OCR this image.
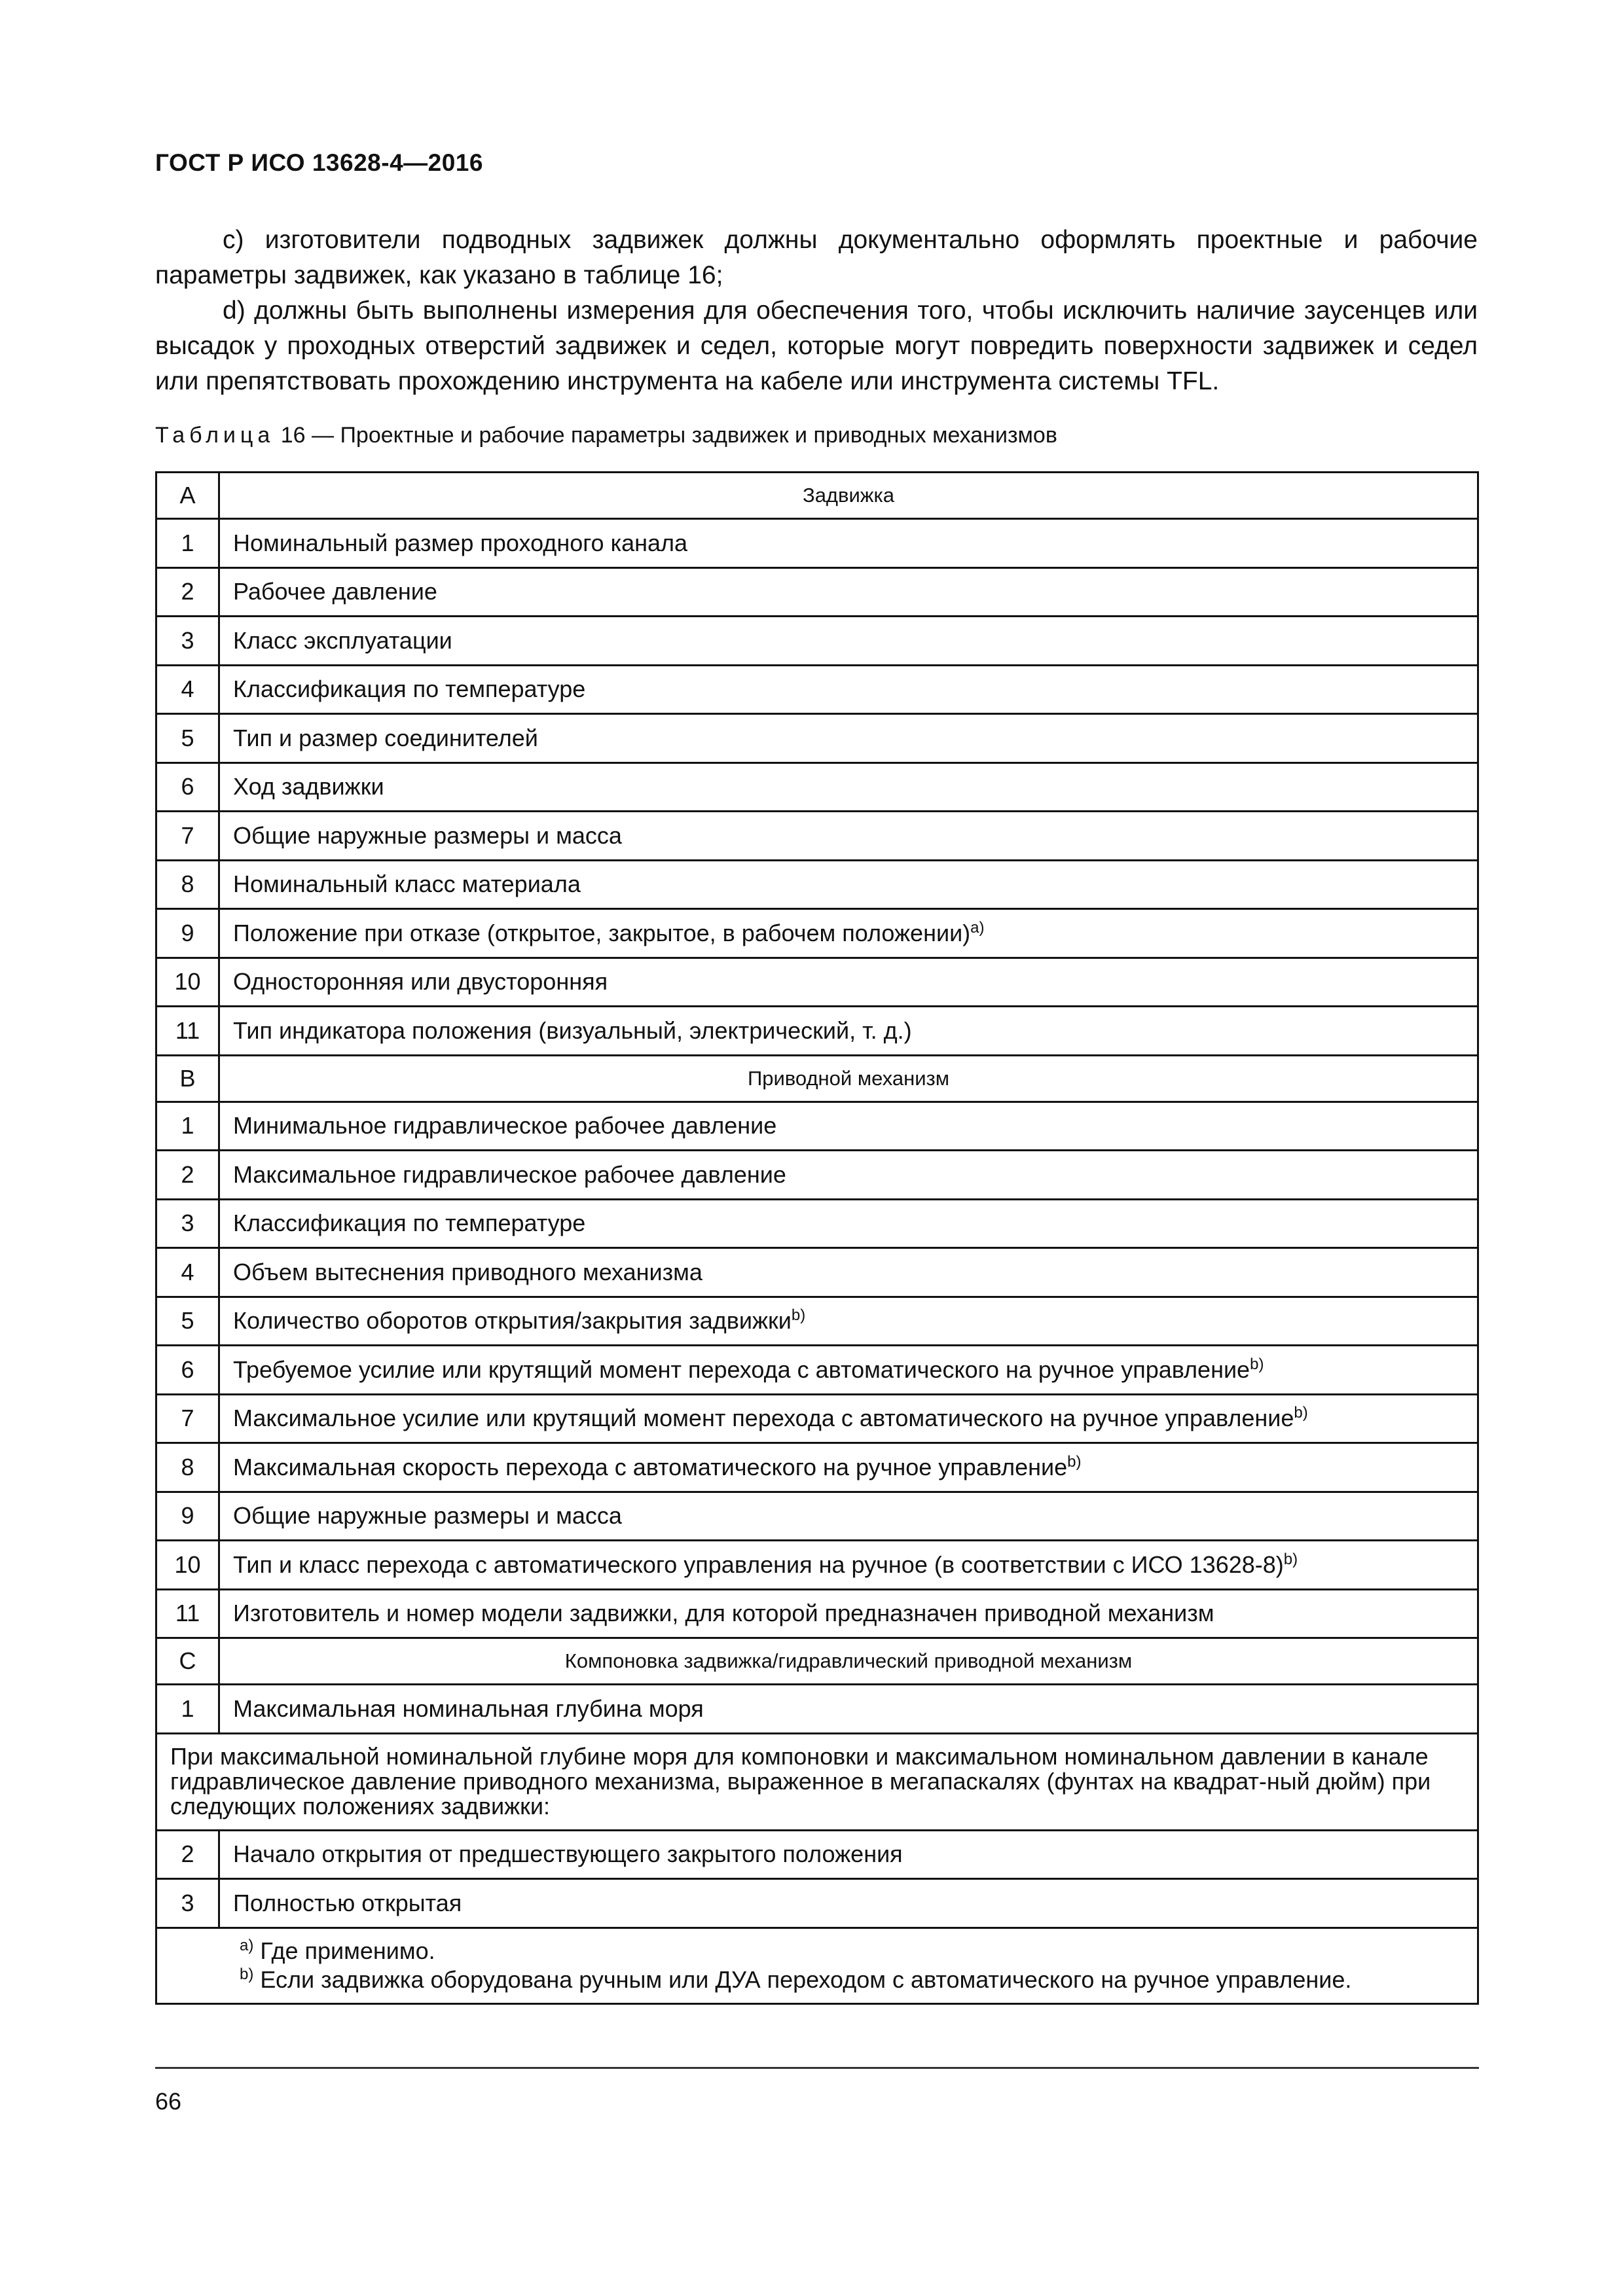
ГОСТ Р ИСО 13628-4—2016

с) изготовители подводных задвижек должны документально оформлять проектные и рабочие параметры задвижек, как указано в таблице 16;

d) должны быть выполнены измерения для обеспечения того, чтобы исключить наличие заусенцев или высадок у проходных отверстий задвижек и седел, которые могут повредить поверхности задвижек и седел или препятствовать прохождению инструмента на кабеле или инструмента системы TFL.

Таблица 16 — Проектные и рабочие параметры задвижек и приводных механизмов
А	Задвижка
1	Номинальный размер проходного канала
2	Рабочее давление
3	Класс эксплуатации
4	Классификация по температуре
5	Тип и размер соединителей
6	Ход задвижки
7	Общие наружные размеры и масса
8	Номинальный класс материала
9	Положение при отказе (открытое, закрытое, в рабочем положении)$^{a)}$
10	Односторонняя или двусторонняя
11	Тип индикатора положения (визуальный, электрический, т. д.)
В	Приводной механизм
1	Минимальное гидравлическое рабочее давление
2	Максимальное гидравлическое рабочее давление
3	Классификация по температуре
4	Объем вытеснения приводного механизма
5	Количество оборотов открытия/закрытия задвижки$^{b)}$
6	Требуемое усилие или крутящий момент перехода с автоматического на ручное управление$^{b)}$
7	Максимальное усилие или крутящий момент перехода с автоматического на ручное управление$^{b)}$
8	Максимальная скорость перехода с автоматического на ручное управление$^{b)}$
9	Общие наружные размеры и масса
10	Тип и класс перехода с автоматического управления на ручное (в соответствии с ИСО 13628-8)$^{b)}$
11	Изготовитель и номер модели задвижки, для которой предназначен приводной механизм
С	Компоновка задвижка/гидравлический приводной механизм
1	Максимальная номинальная глубина моря
При максимальной номинальной глубине моря для компоновки и максимальном номинальном давлении в канале гидравлическое давление приводного механизма, выраженное в мегапаскалях (фунтах на квадрат-ный дюйм) при следующих положениях задвижки:	
2	Начало открытия от предшествующего закрытого положения
3	Полностью открытая

$^{a)}$ Где применимо.
$^{b)}$ Если задвижка оборудована ручным или ДУА переходом с автоматического на ручное управление.	
66
